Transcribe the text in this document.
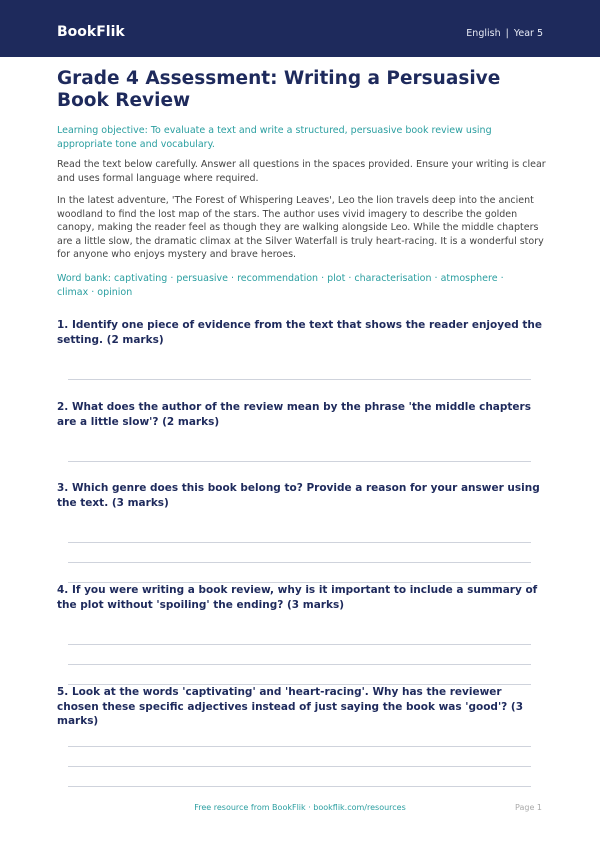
BookFlik	English | Year 5
Grade 4 Assessment: Writing a Persuasive Book Review
Learning objective: To evaluate a text and write a structured, persuasive book review using appropriate tone and vocabulary.
Read the text below carefully. Answer all questions in the spaces provided. Ensure your writing is clear and uses formal language where required.
In the latest adventure, 'The Forest of Whispering Leaves', Leo the lion travels deep into the ancient woodland to find the lost map of the stars. The author uses vivid imagery to describe the golden canopy, making the reader feel as though they are walking alongside Leo. While the middle chapters are a little slow, the dramatic climax at the Silver Waterfall is truly heart-racing. It is a wonderful story for anyone who enjoys mystery and brave heroes.
Word bank: captivating · persuasive · recommendation · plot · characterisation · atmosphere · climax · opinion
1. Identify one piece of evidence from the text that shows the reader enjoyed the setting. (2 marks)
2. What does the author of the review mean by the phrase 'the middle chapters are a little slow'? (2 marks)
3. Which genre does this book belong to? Provide a reason for your answer using the text. (3 marks)
4. If you were writing a book review, why is it important to include a summary of the plot without 'spoiling' the ending? (3 marks)
5. Look at the words 'captivating' and 'heart-racing'. Why has the reviewer chosen these specific adjectives instead of just saying the book was 'good'? (3 marks)
Free resource from BookFlik · bookflik.com/resources	Page 1
